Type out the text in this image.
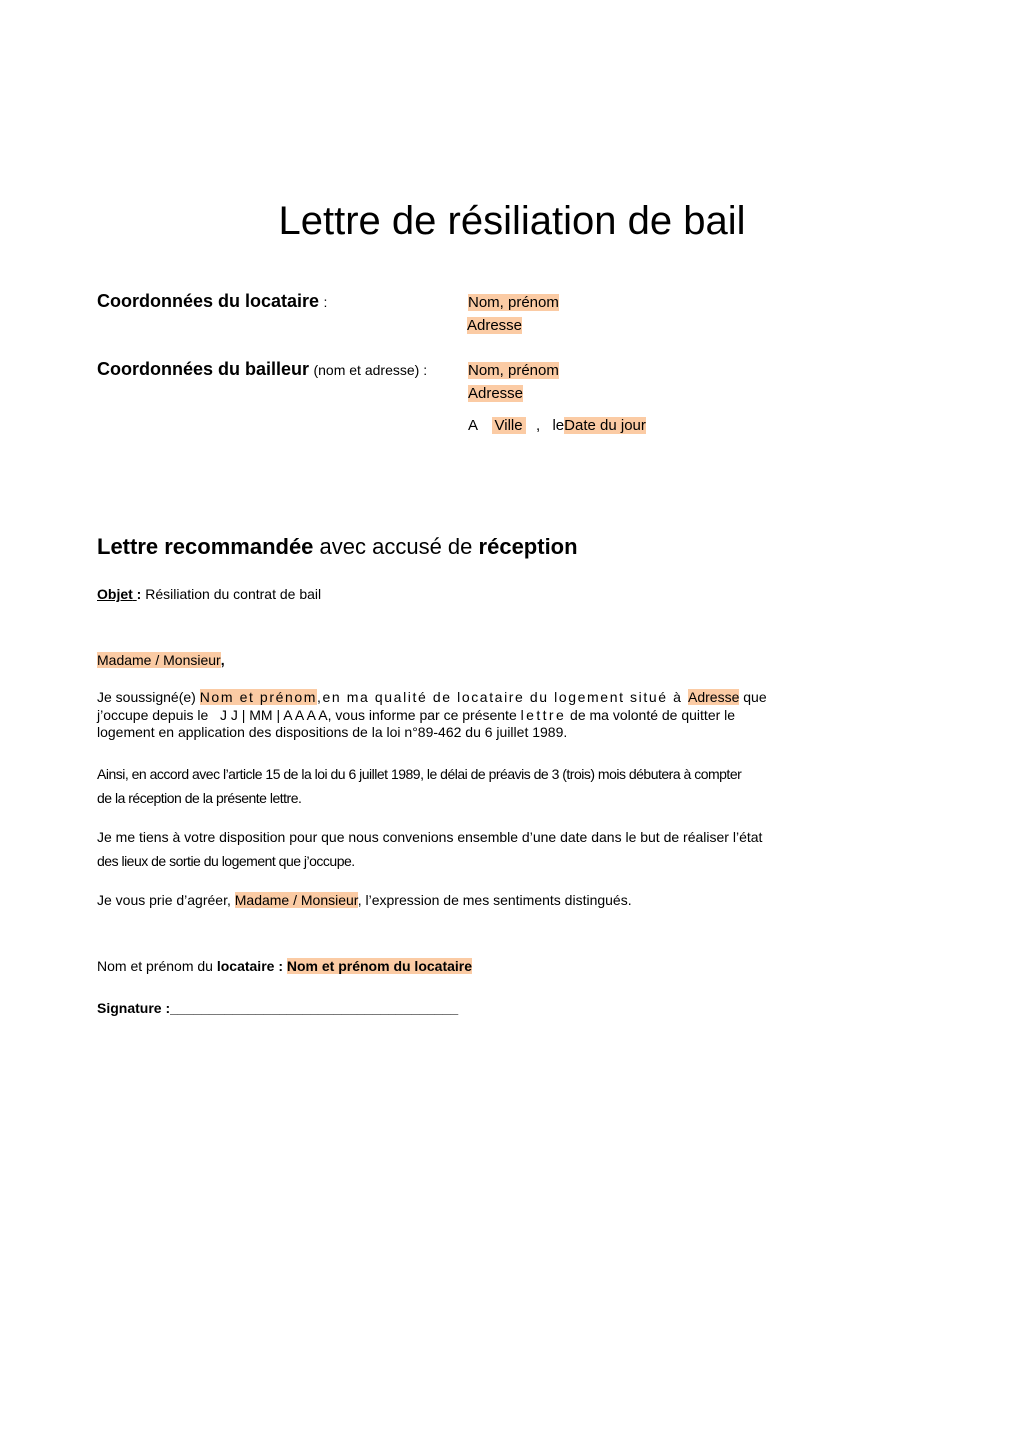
Lettre de résiliation de bail
Coordonnées du locataire :	Nom, prénom
Adresse
Coordonnées du bailleur (nom et adresse) :	Nom, prénom
Adresse
A Ville , leDate du jour
Lettre recommandée avec accusé de réception
Objet : Résiliation du contrat de bail
Madame / Monsieur,
Je soussigné(e) Nom et prénom,en ma qualité de locataire du logement situé à Adresse que
j’occupe depuis le   J J | MM | A A A A, vous informe par ce présente lettre de ma volonté de quitter le
logement en application des dispositions de la loi n°89-462 du 6 juillet 1989.
Ainsi, en accord avec l’article 15 de la loi du 6 juillet 1989, le délai de préavis de 3 (trois) mois débutera à compter
de la réception de la présente lettre.
Je me tiens à votre disposition pour que nous convenions ensemble d’une date dans le but de réaliser l’état
des lieux de sortie du logement que j’occupe.
Je vous prie d’agréer, Madame / Monsieur, l’expression de mes sentiments distingués.
Nom et prénom du locataire : Nom et prénom du locataire
Signature :_____________________________________
